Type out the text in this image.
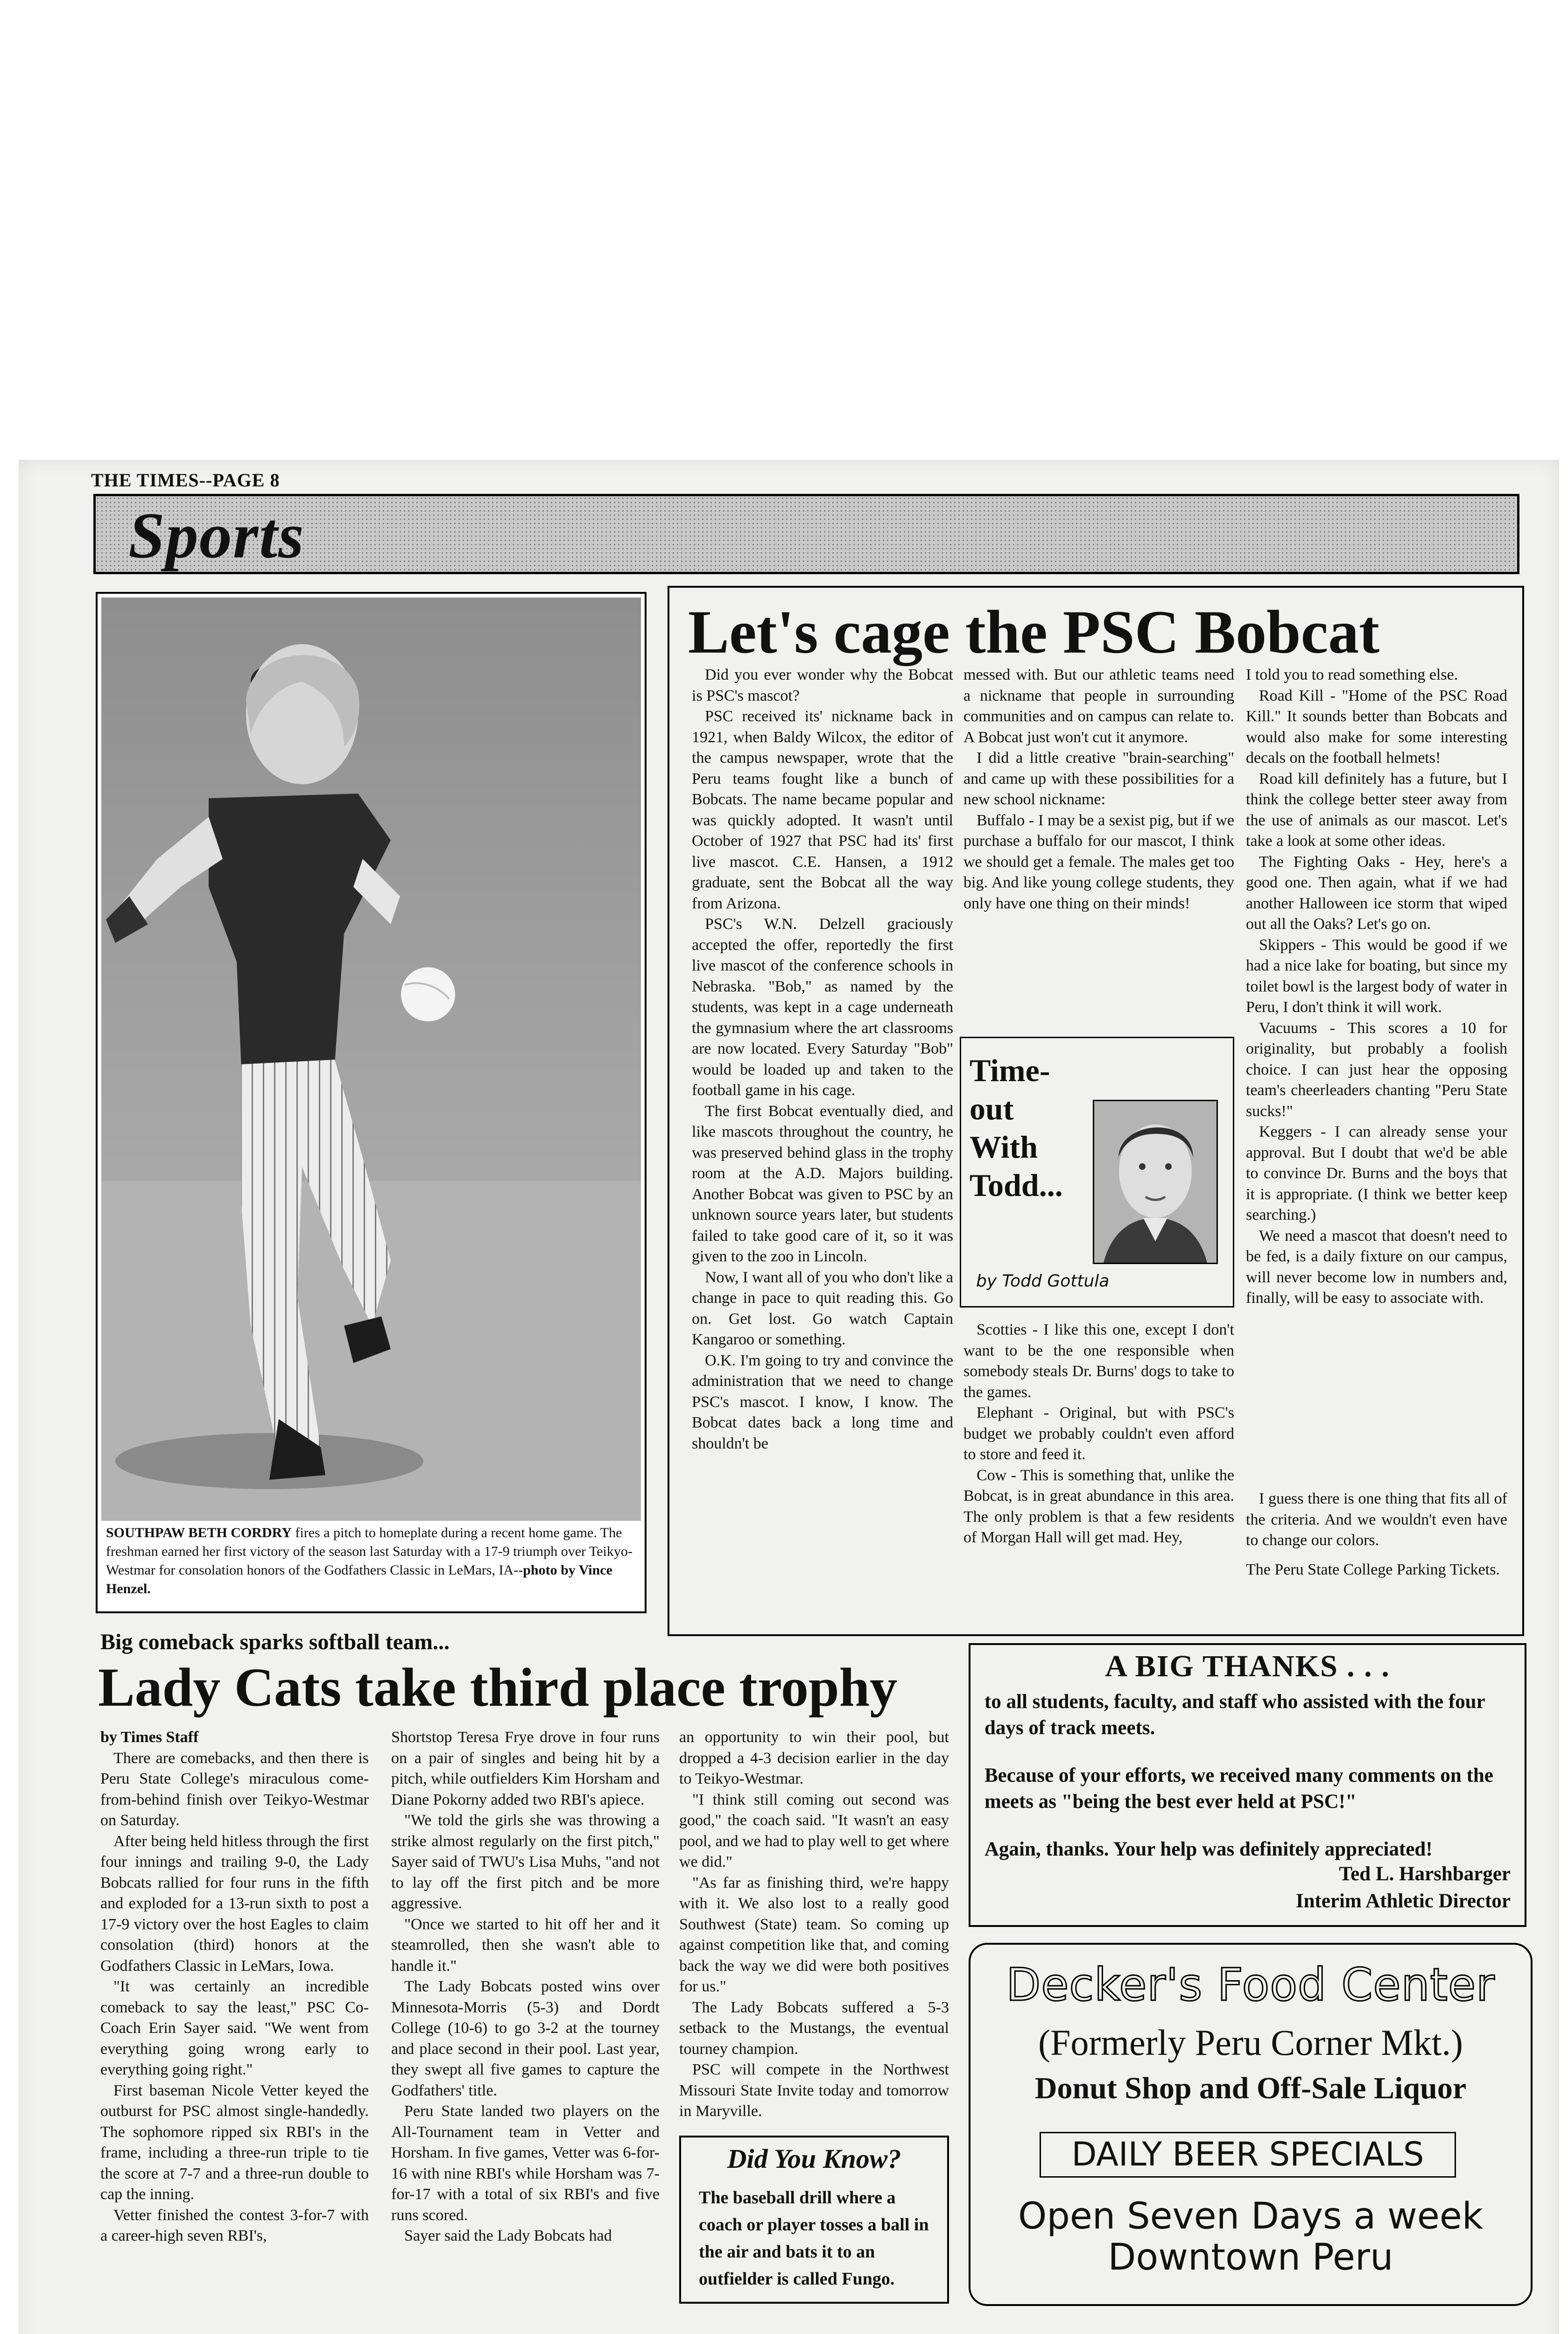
THE TIMES--PAGE 8
Sports
SOUTHPAW BETH CORDRY fires a pitch to homeplate during a recent home game. The freshman earned her first victory of the season last Saturday with a 17-9 triumph over Teikyo-Westmar for consolation honors of the Godfathers Classic in LeMars, IA--photo by Vince Henzel.
Let's cage the PSC Bobcat

Did you ever wonder why the Bobcat is PSC's mascot?

PSC received its' nickname back in 1921, when Baldy Wilcox, the editor of the campus newspaper, wrote that the Peru teams fought like a bunch of Bobcats. The name became popular and was quickly adopted. It wasn't until October of 1927 that PSC had its' first live mascot. C.E. Hansen, a 1912 graduate, sent the Bobcat all the way from Arizona.

PSC's W.N. Delzell graciously accepted the offer, reportedly the first live mascot of the conference schools in Nebraska. "Bob," as named by the students, was kept in a cage underneath the gymnasium where the art classrooms are now located. Every Saturday "Bob" would be loaded up and taken to the football game in his cage.

The first Bobcat eventually died, and like mascots throughout the country, he was preserved behind glass in the trophy room at the A.D. Majors building. Another Bobcat was given to PSC by an unknown source years later, but students failed to take good care of it, so it was given to the zoo in Lincoln.

Now, I want all of you who don't like a change in pace to quit reading this. Go on. Get lost. Go watch Captain Kangaroo or something.

O.K. I'm going to try and convince the administration that we need to change PSC's mascot. I know, I know. The Bobcat dates back a long time and shouldn't be

messed with. But our athletic teams need a nickname that people in surrounding communities and on campus can relate to. A Bobcat just won't cut it anymore.

I did a little creative "brain-searching" and came up with these possibilities for a new school nickname:

Buffalo - I may be a sexist pig, but if we purchase a buffalo for our mascot, I think we should get a female. The males get too big. And like young college students, they only have one thing on their minds!

Time-out With Todd...
by Todd Gottula

Scotties - I like this one, except I don't want to be the one responsible when somebody steals Dr. Burns' dogs to take to the games.

Elephant - Original, but with PSC's budget we probably couldn't even afford to store and feed it.

Cow - This is something that, unlike the Bobcat, is in great abundance in this area. The only problem is that a few residents of Morgan Hall will get mad. Hey,

I told you to read something else.

Road Kill - "Home of the PSC Road Kill." It sounds better than Bobcats and would also make for some interesting decals on the football helmets!

Road kill definitely has a future, but I think the college better steer away from the use of animals as our mascot. Let's take a look at some other ideas.

The Fighting Oaks - Hey, here's a good one. Then again, what if we had another Halloween ice storm that wiped out all the Oaks? Let's go on.

Skippers - This would be good if we had a nice lake for boating, but since my toilet bowl is the largest body of water in Peru, I don't think it will work.

Vacuums - This scores a 10 for originality, but probably a foolish choice. I can just hear the opposing team's cheerleaders chanting "Peru State sucks!"

Keggers - I can already sense your approval. But I doubt that we'd be able to convince Dr. Burns and the boys that it is appropriate. (I think we better keep searching.)

We need a mascot that doesn't need to be fed, is a daily fixture on our campus, will never become low in numbers and, finally, will be easy to associate with.

I guess there is one thing that fits all of the criteria. And we wouldn't even have to change our colors.

The Peru State College Parking Tickets.

Big comeback sparks softball team...
Lady Cats take third place trophy

by Times Staff

There are comebacks, and then there is Peru State College's miraculous come-from-behind finish over Teikyo-Westmar on Saturday.

After being held hitless through the first four innings and trailing 9-0, the Lady Bobcats rallied for four runs in the fifth and exploded for a 13-run sixth to post a 17-9 victory over the host Eagles to claim consolation (third) honors at the Godfathers Classic in LeMars, Iowa.

"It was certainly an incredible comeback to say the least," PSC Co-Coach Erin Sayer said. "We went from everything going wrong early to everything going right."

First baseman Nicole Vetter keyed the outburst for PSC almost single-handedly. The sophomore ripped six RBI's in the frame, including a three-run triple to tie the score at 7-7 and a three-run double to cap the inning.

Vetter finished the contest 3-for-7 with a career-high seven RBI's,

Shortstop Teresa Frye drove in four runs on a pair of singles and being hit by a pitch, while outfielders Kim Horsham and Diane Pokorny added two RBI's apiece.

"We told the girls she was throwing a strike almost regularly on the first pitch," Sayer said of TWU's Lisa Muhs, "and not to lay off the first pitch and be more aggressive.

"Once we started to hit off her and it steamrolled, then she wasn't able to handle it."

The Lady Bobcats posted wins over Minnesota-Morris (5-3) and Dordt College (10-6) to go 3-2 at the tourney and place second in their pool. Last year, they swept all five games to capture the Godfathers' title.

Peru State landed two players on the All-Tournament team in Vetter and Horsham. In five games, Vetter was 6-for-16 with nine RBI's while Horsham was 7-for-17 with a total of six RBI's and five runs scored.

Sayer said the Lady Bobcats had

an opportunity to win their pool, but dropped a 4-3 decision earlier in the day to Teikyo-Westmar.

"I think still coming out second was good," the coach said. "It wasn't an easy pool, and we had to play well to get where we did."

"As far as finishing third, we're happy with it. We also lost to a really good Southwest (State) team. So coming up against competition like that, and coming back the way we did were both positives for us."

The Lady Bobcats suffered a 5-3 setback to the Mustangs, the eventual tourney champion.

PSC will compete in the Northwest Missouri State Invite today and tomorrow in Maryville.

Did You Know?
The baseball drill where a coach or player tosses a ball in the air and bats it to an outfielder is called Fungo.
A BIG THANKS . . .
to all students, faculty, and staff who assisted with the four days of track meets.
Because of your efforts, we received many comments on the meets as "being the best ever held at PSC!"
Again, thanks. Your help was definitely appreciated!
Ted L. Harshbarger
Interim Athletic Director
Decker's Food Center
(Formerly Peru Corner Mkt.)
Donut Shop and Off-Sale Liquor
DAILY BEER SPECIALS
Open Seven Days a week
Downtown Peru
